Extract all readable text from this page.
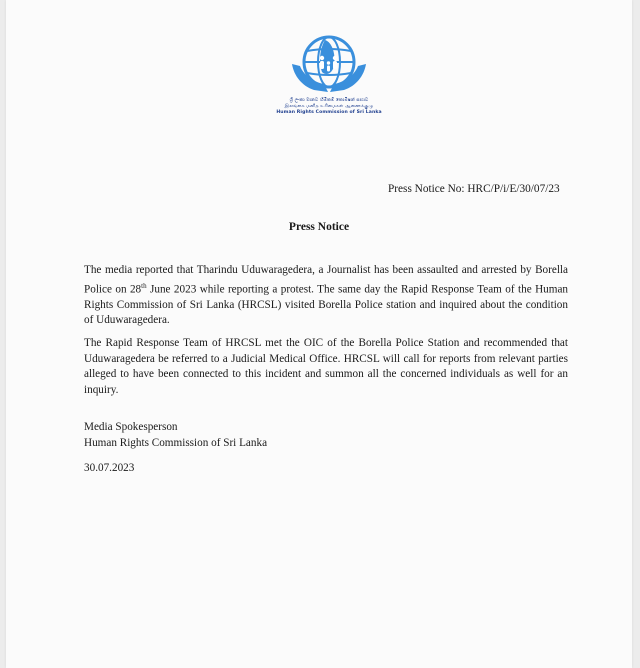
ශ්‍රී ලංකා මානව හිමිකම් කොමිෂන් සභාව
இலங்கை மனித உரிமைகள் ஆணைக்குழு
Human Rights Commission of Sri Lanka
Press Notice No: HRC/P/i/E/30/07/23
Press Notice
The media reported that Tharindu Uduwaragedera, a Journalist has been assaulted and arrested by Borella Police on 28th June 2023 while reporting a protest. The same day the Rapid Response Team of the Human Rights Commission of Sri Lanka (HRCSL) visited Borella Police station and inquired about the condition of Uduwaragedera.
The Rapid Response Team of HRCSL met the OIC of the Borella Police Station and recommended that Uduwaragedera be referred to a Judicial Medical Office. HRCSL will call for reports from relevant parties alleged to have been connected to this incident and summon all the concerned individuals as well for an inquiry.
Media Spokesperson
Human Rights Commission of Sri Lanka
30.07.2023
